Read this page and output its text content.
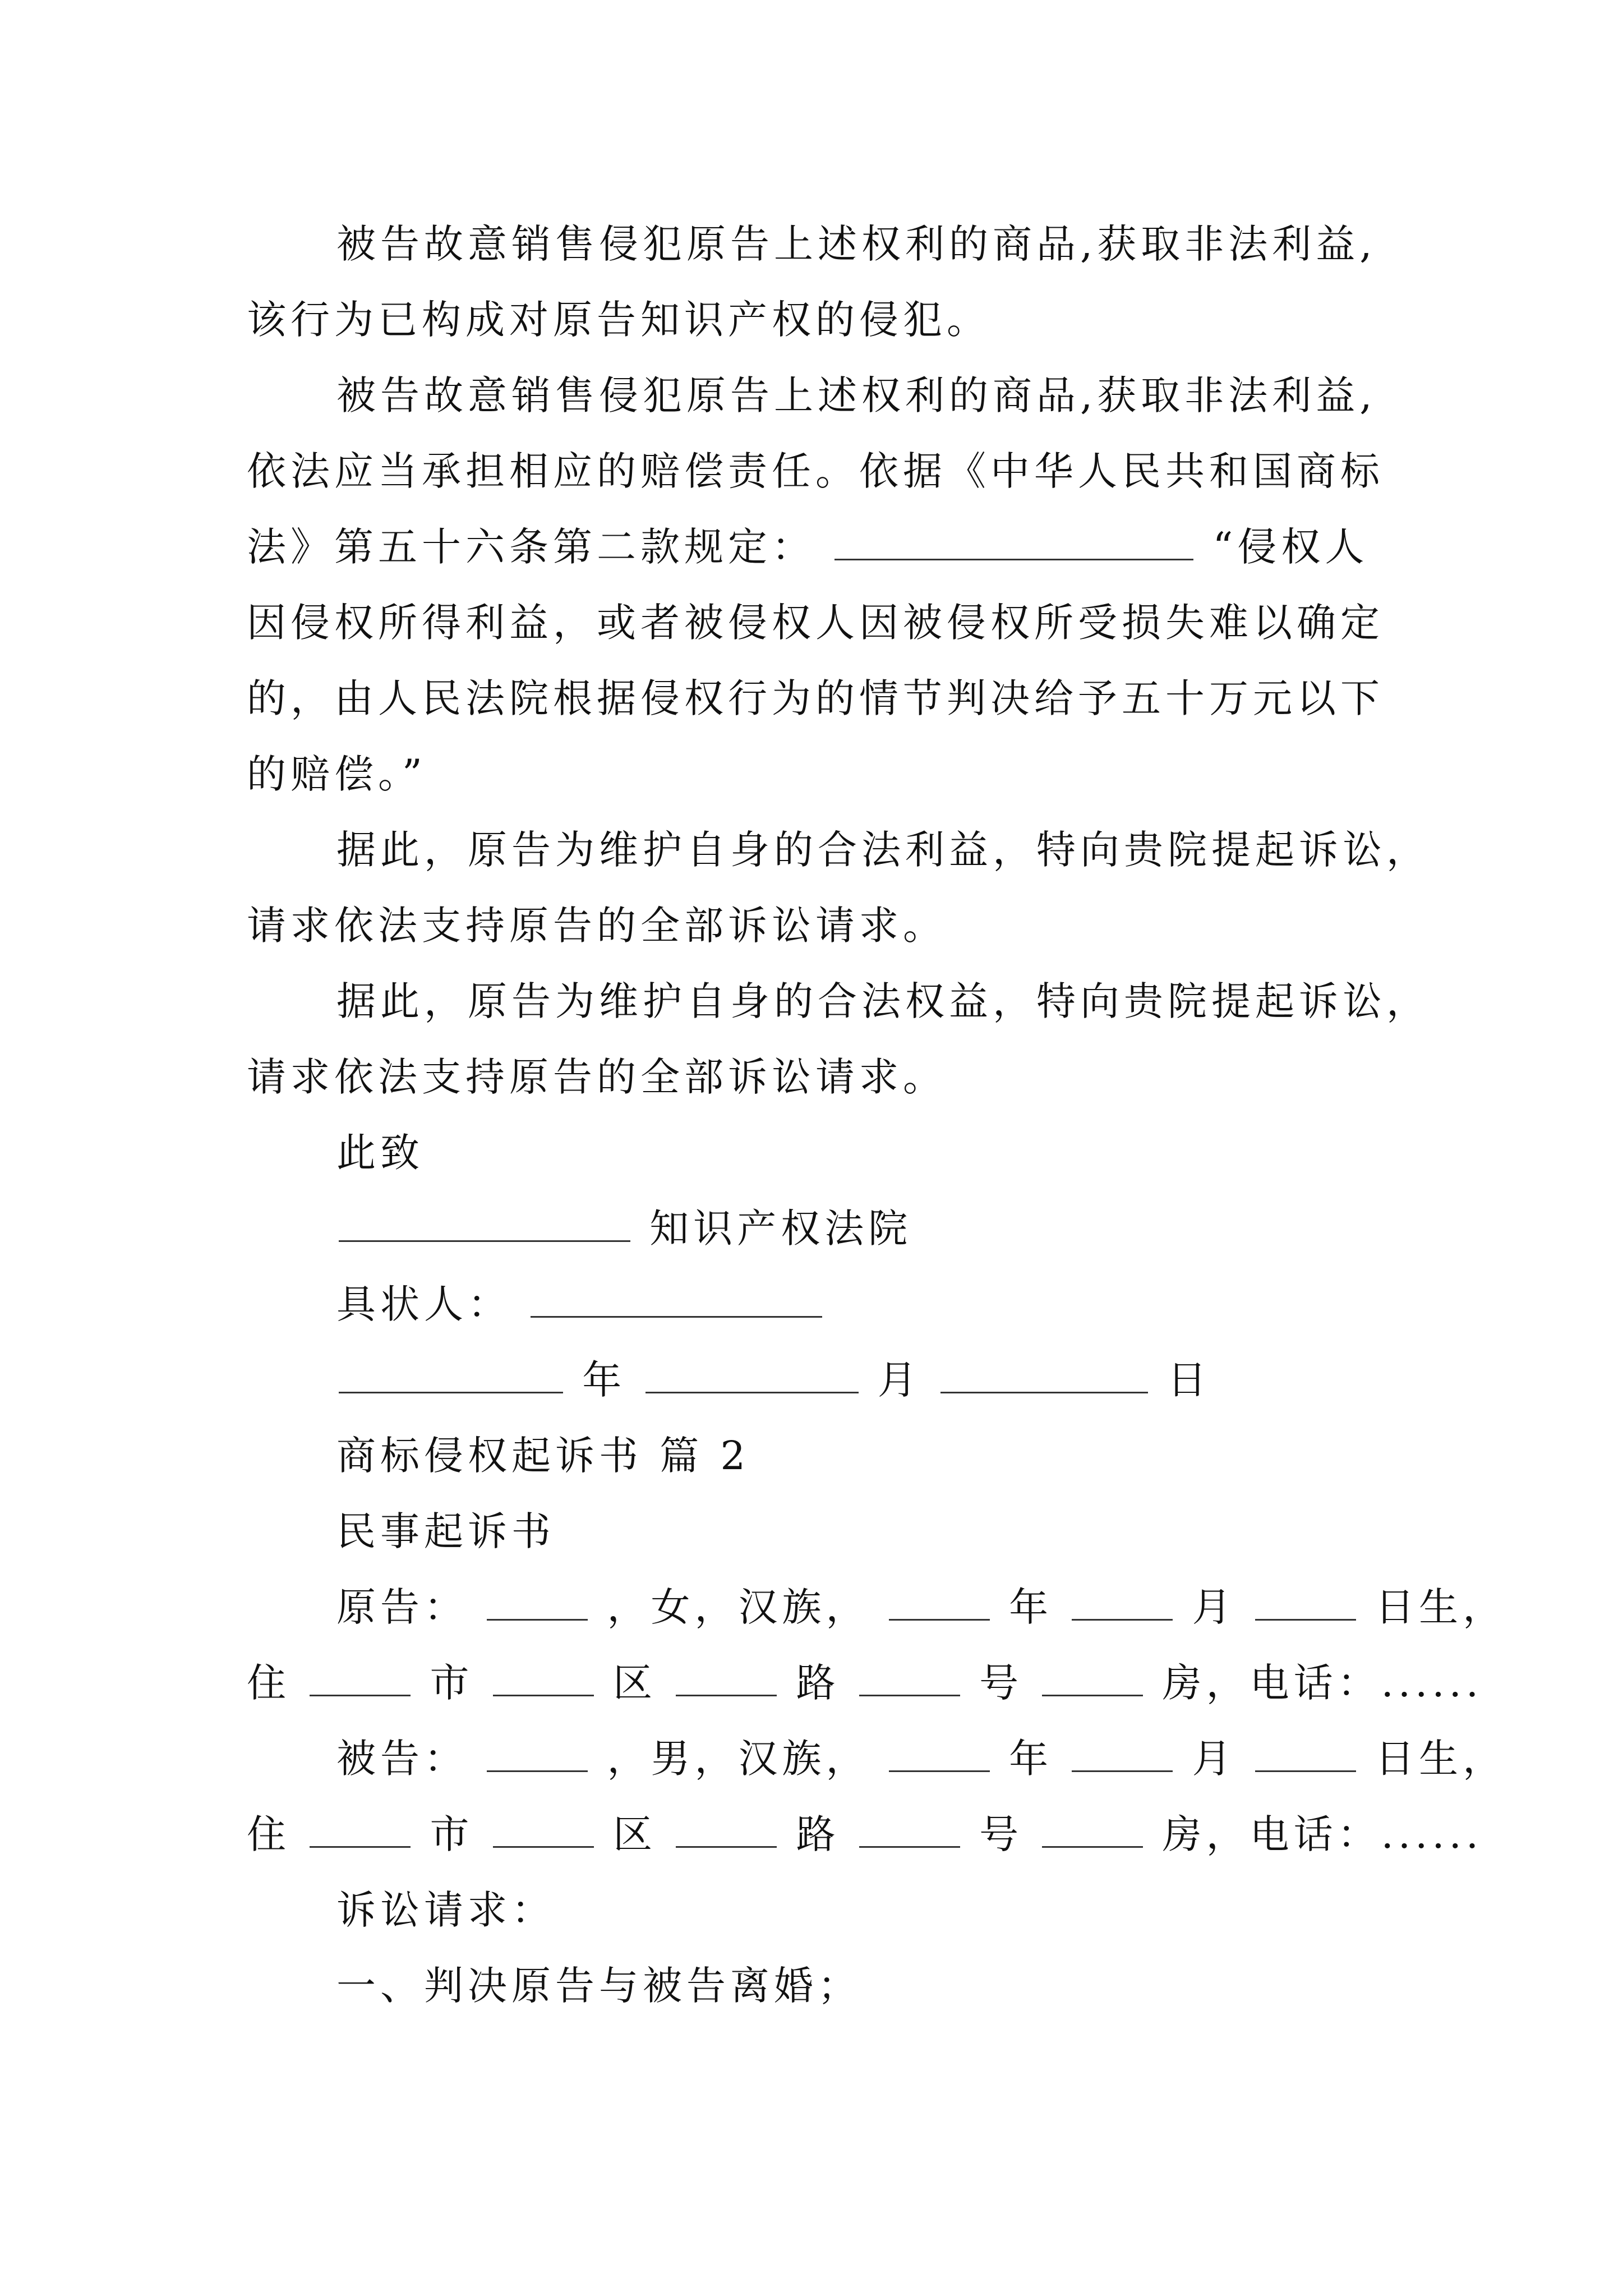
被告故意销售侵犯原告上述权利的商品,获取非法利益,
该行为已构成对原告知识产权的侵犯。
被告故意销售侵犯原告上述权利的商品,获取非法利益,
依法应当承担相应的赔偿责任。依据《中华人民共和国商标
法》第五十六条第二款规定：	“侵权人
因侵权所得利益，或者被侵权人因被侵权所受损失难以确定
的，由人民法院根据侵权行为的情节判决给予五十万元以下
的赔偿。”
据此，原告为维护自身的合法利益，特向贵院提起诉讼，
请求依法支持原告的全部诉讼请求。
据此，原告为维护自身的合法权益，特向贵院提起诉讼，
请求依法支持原告的全部诉讼请求。
此致
知识产权法院
具状人：
年	月	日
商标侵权起诉书 篇 2
民事起诉书
原告：	，女，汉族，	年	月	日生，
住	市	区	路	号	房，电话：......
被告：	，男，汉族，	年	月	日生，
住	市	区	路	号	房，电话：......
诉讼请求：
一、判决原告与被告离婚；
